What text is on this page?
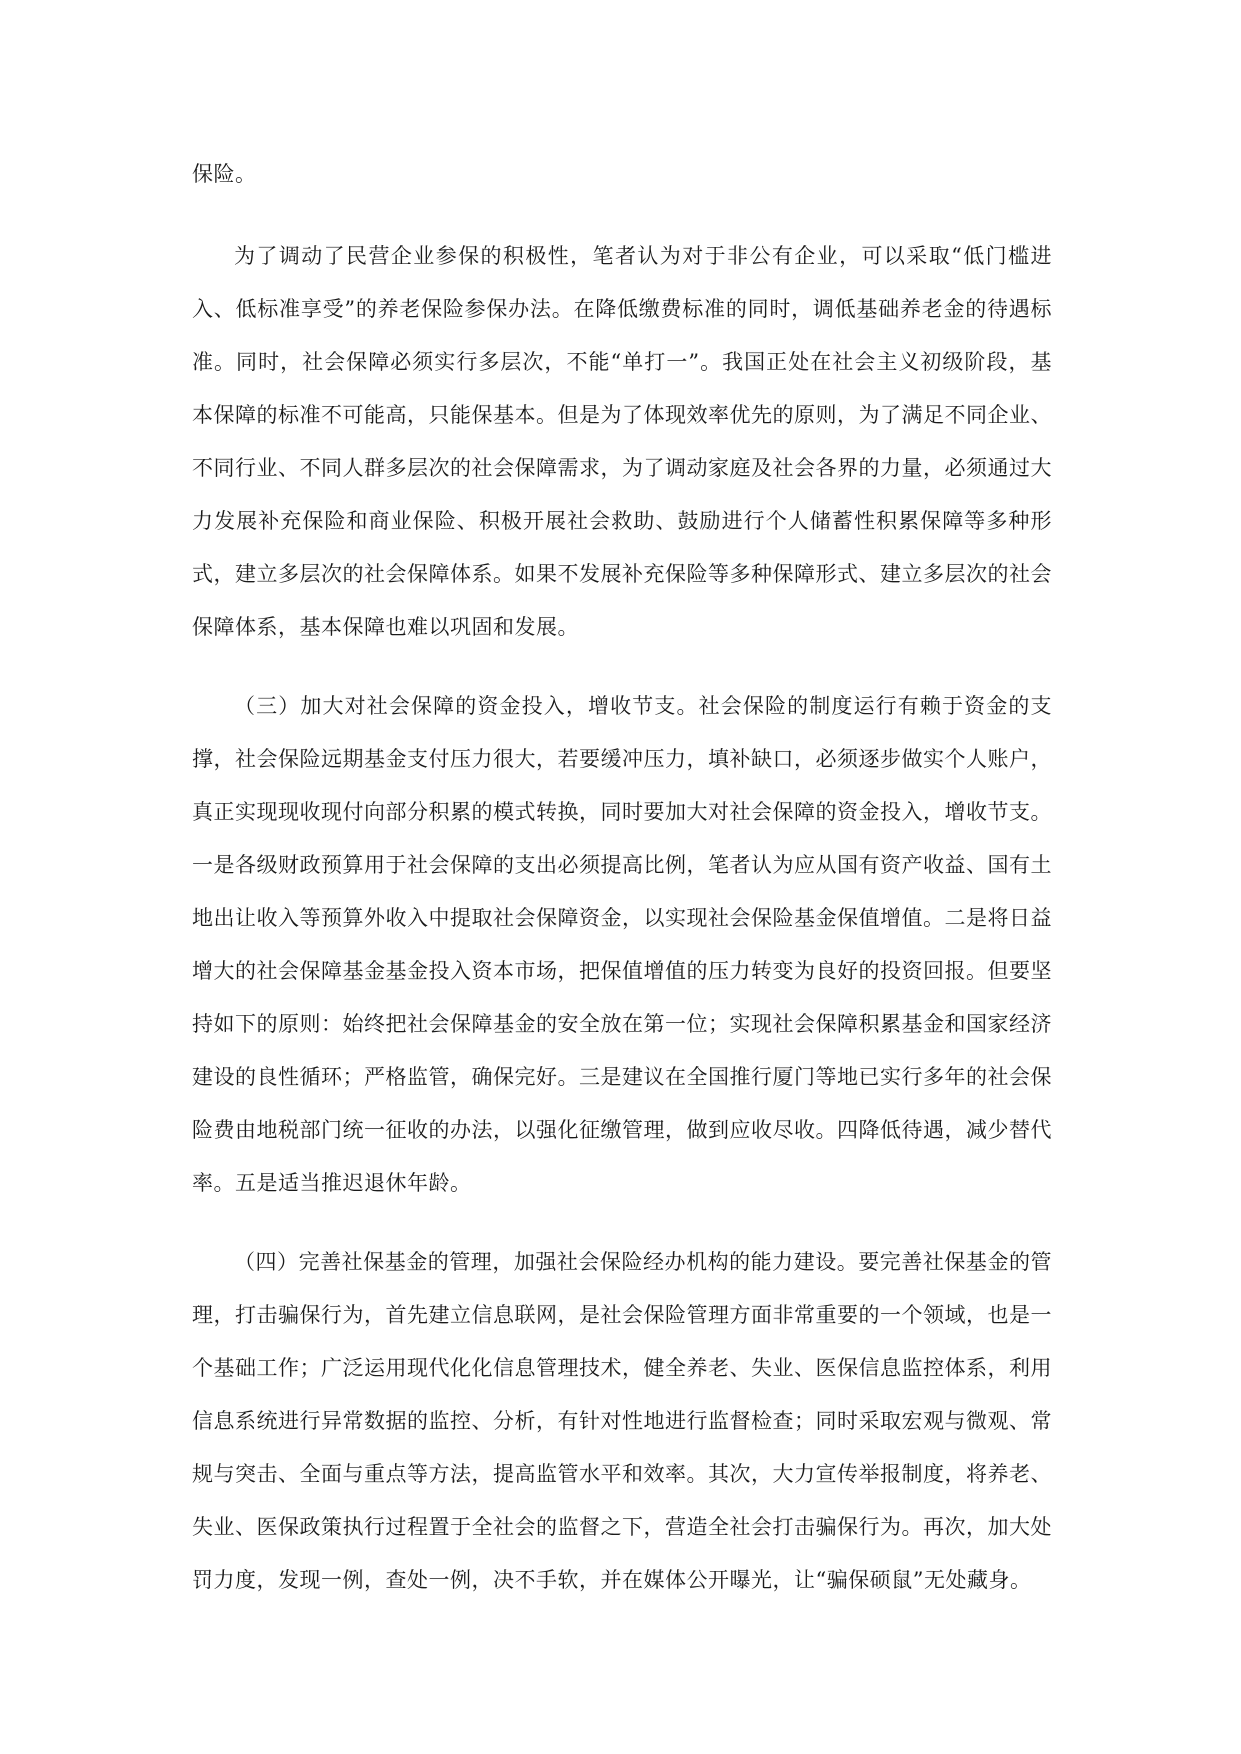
保险。

为了调动了民营企业参保的积极性，笔者认为对于非公有企业，可以采取“低门槛进入、低标准享受”的养老保险参保办法。在降低缴费标准的同时，调低基础养老金的待遇标准。同时，社会保障必须实行多层次，不能“单打一”。我国正处在社会主义初级阶段，基本保障的标准不可能高，只能保基本。但是为了体现效率优先的原则，为了满足不同企业、不同行业、不同人群多层次的社会保障需求，为了调动家庭及社会各界的力量，必须通过大力发展补充保险和商业保险、积极开展社会救助、鼓励进行个人储蓄性积累保障等多种形式，建立多层次的社会保障体系。如果不发展补充保险等多种保障形式、建立多层次的社会保障体系，基本保障也难以巩固和发展。

（三）加大对社会保障的资金投入，增收节支。社会保险的制度运行有赖于资金的支撑，社会保险远期基金支付压力很大，若要缓冲压力，填补缺口，必须逐步做实个人账户，真正实现现收现付向部分积累的模式转换，同时要加大对社会保障的资金投入，增收节支。一是各级财政预算用于社会保障的支出必须提高比例，笔者认为应从国有资产收益、国有土地出让收入等预算外收入中提取社会保障资金，以实现社会保险基金保值增值。二是将日益增大的社会保障基金基金投入资本市场，把保值增值的压力转变为良好的投资回报。但要坚持如下的原则：始终把社会保障基金的安全放在第一位；实现社会保障积累基金和国家经济建设的良性循环；严格监管，确保完好。三是建议在全国推行厦门等地已实行多年的社会保险费由地税部门统一征收的办法，以强化征缴管理，做到应收尽收。四降低待遇，减少替代率。五是适当推迟退休年龄。

（四）完善社保基金的管理，加强社会保险经办机构的能力建设。要完善社保基金的管理，打击骗保行为，首先建立信息联网，是社会保险管理方面非常重要的一个领域，也是一个基础工作；广泛运用现代化化信息管理技术，健全养老、失业、医保信息监控体系，利用信息系统进行异常数据的监控、分析，有针对性地进行监督检查；同时采取宏观与微观、常规与突击、全面与重点等方法，提高监管水平和效率。其次，大力宣传举报制度，将养老、失业、医保政策执行过程置于全社会的监督之下，营造全社会打击骗保行为。再次，加大处罚力度，发现一例，查处一例，决不手软，并在媒体公开曝光，让“骗保硕鼠”无处藏身。
